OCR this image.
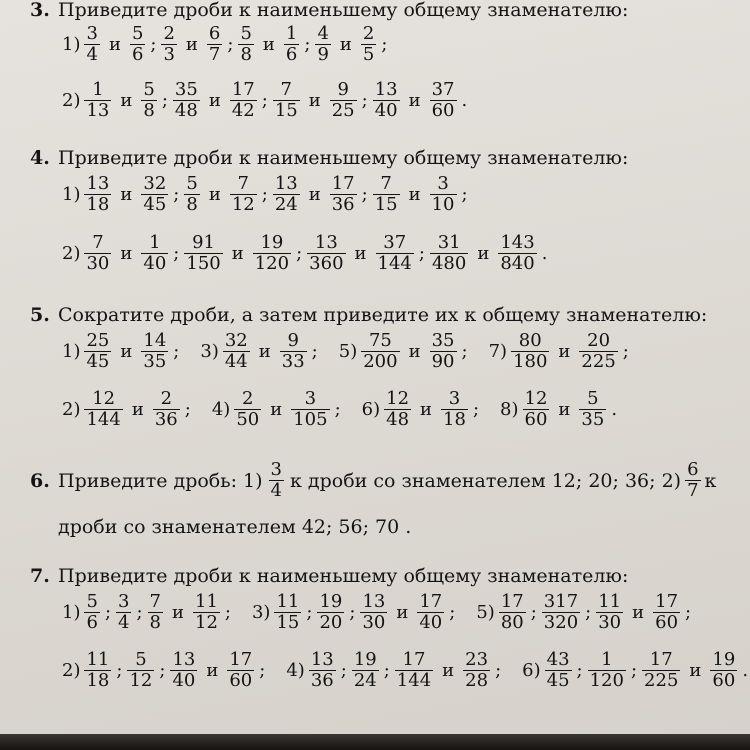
3. Приведите дроби к наименьшему общему знаменателю:
$1) \frac{3}{4}$ и $\frac{5}{6}$ ; $\frac{2}{3}$ и $\frac{6}{7}$ ; $\frac{5}{8}$ и $\frac{1}{6}$ ; $\frac{4}{9}$ и $\frac{2}{5}$ ;
$2) \frac{1}{13}$ и $\frac{5}{8}$ ; $\frac{35}{48}$ и $\frac{17}{42}$ ; $\frac{7}{15}$ и $\frac{9}{25}$ ; $\frac{13}{40}$ и $\frac{37}{60}$ .
4. Приведите дроби к наименьшему общему знаменателю:
$1) \frac{13}{18}$ и $\frac{32}{45}$ ; $\frac{5}{8}$ и $\frac{7}{12}$ ; $\frac{13}{24}$ и $\frac{17}{36}$ ; $\frac{7}{15}$ и $\frac{3}{10}$ ;
$2) \frac{7}{30}$ и $\frac{1}{40}$ ; $\frac{91}{150}$ и $\frac{19}{120}$ ; $\frac{13}{360}$ и $\frac{37}{144}$ ; $\frac{31}{480}$ и $\frac{143}{840}$ .
5. Сократите дроби, а затем приведите их к общему знаменателю:
$1) \frac{25}{45}$ и $\frac{14}{35}$ ; $3) \frac{32}{44}$ и $\frac{9}{33}$ ; $5) \frac{75}{200}$ и $\frac{35}{90}$ ; $7) \frac{80}{180}$ и $\frac{20}{225}$ ;
$2) \frac{12}{144}$ и $\frac{2}{36}$ ; $4) \frac{2}{50}$ и $\frac{3}{105}$ ; $6) \frac{12}{48}$ и $\frac{3}{18}$ ; $8) \frac{12}{60}$ и $\frac{5}{35}$ .
6. Приведите дробь: $1) \frac{3}{4}$ к дроби со знаменателем 12; 20; 36; $2) \frac{6}{7}$ к
дроби со знаменателем 42; 56; 70 .
7. Приведите дроби к наименьшему общему знаменателю:
$1) \frac{5}{6}$ ; $\frac{3}{4}$ ; $\frac{7}{8}$ и $\frac{11}{12}$ ; $3) \frac{11}{15}$ ; $\frac{19}{20}$ ; $\frac{13}{30}$ и $\frac{17}{40}$ ; $5) \frac{17}{80}$ ; $\frac{317}{320}$ ; $\frac{11}{30}$ и $\frac{17}{60}$ ;
$2) \frac{11}{18}$ ; $\frac{5}{12}$ ; $\frac{13}{40}$ и $\frac{17}{60}$ ; $4) \frac{13}{36}$ ; $\frac{19}{24}$ ; $\frac{17}{144}$ и $\frac{23}{28}$ ; $6) \frac{43}{45}$ ; $\frac{1}{120}$ ; $\frac{17}{225}$ и $\frac{19}{60}$ .
